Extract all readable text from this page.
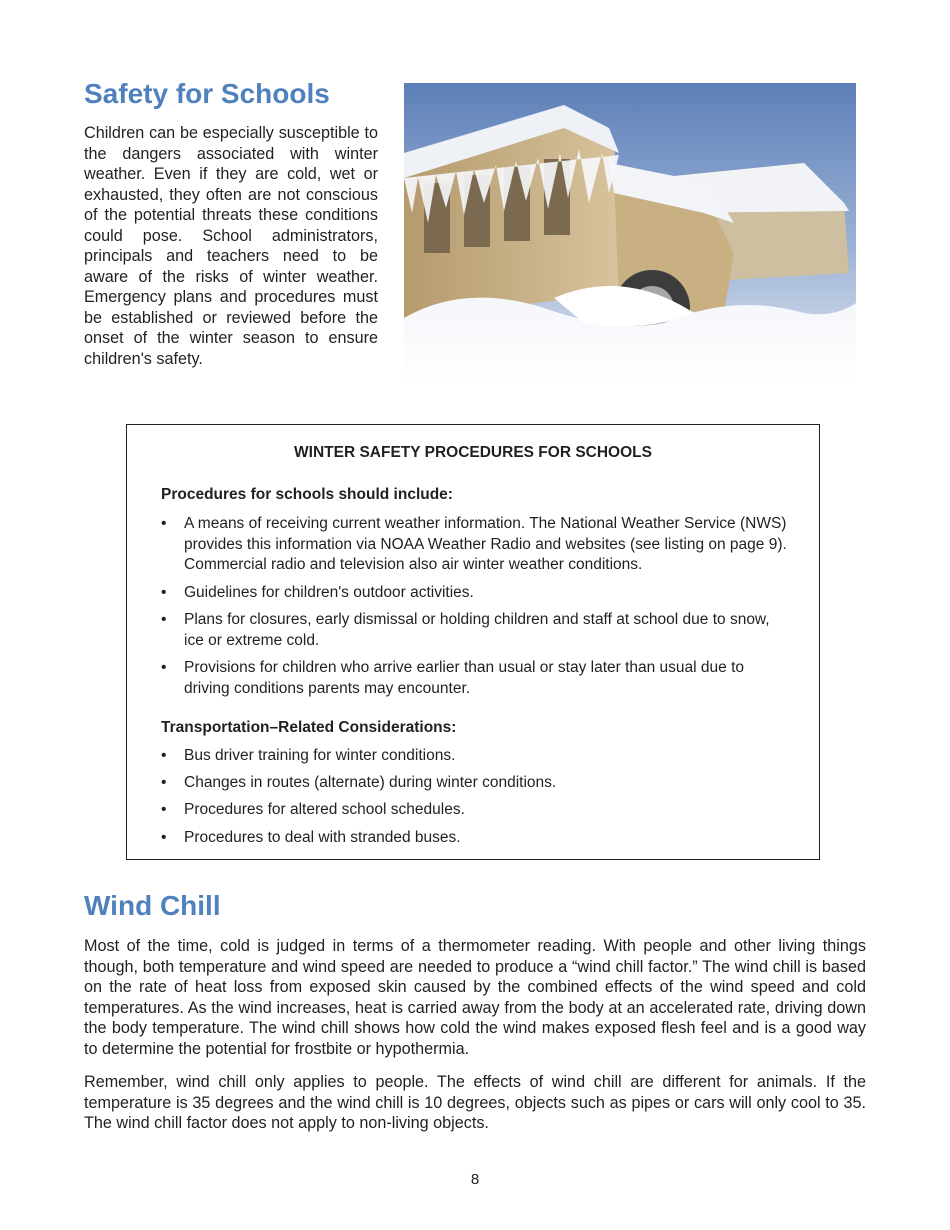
Safety for Schools

Children can be especially susceptible to the dangers associated with winter weather. Even if they are cold, wet or exhausted, they often are not conscious of the potential threats these conditions could pose. School administrators, principals and teachers need to be aware of the risks of winter weather. Emergency plans and procedures must be established or reviewed before the onset of the winter season to ensure children's safety.

WINTER SAFETY PROCEDURES FOR SCHOOLS

Procedures for schools should include:

• A means of receiving current weather information. The National Weather Service (NWS) provides this information via NOAA Weather Radio and websites (see listing on page 9). Commercial radio and television also air winter weather conditions.
• Guidelines for children's outdoor activities.
• Plans for closures, early dismissal or holding children and staff at school due to snow, ice or extreme cold.
• Provisions for children who arrive earlier than usual or stay later than usual due to driving conditions parents may encounter.

Transportation–Related Considerations:

• Bus driver training for winter conditions.
• Changes in routes (alternate) during winter conditions.
• Procedures for altered school schedules.
• Procedures to deal with stranded buses.
Wind Chill

Most of the time, cold is judged in terms of a thermometer reading. With people and other living things though, both temperature and wind speed are needed to produce a “wind chill factor.” The wind chill is based on the rate of heat loss from exposed skin caused by the combined effects of the wind speed and cold temperatures. As the wind increases, heat is carried away from the body at an accelerated rate, driving down the body temperature. The wind chill shows how cold the wind makes exposed flesh feel and is a good way to determine the potential for frostbite or hypothermia.

Remember, wind chill only applies to people. The effects of wind chill are different for animals. If the temperature is 35 degrees and the wind chill is 10 degrees, objects such as pipes or cars will only cool to 35. The wind chill factor does not apply to non-living objects.

8
